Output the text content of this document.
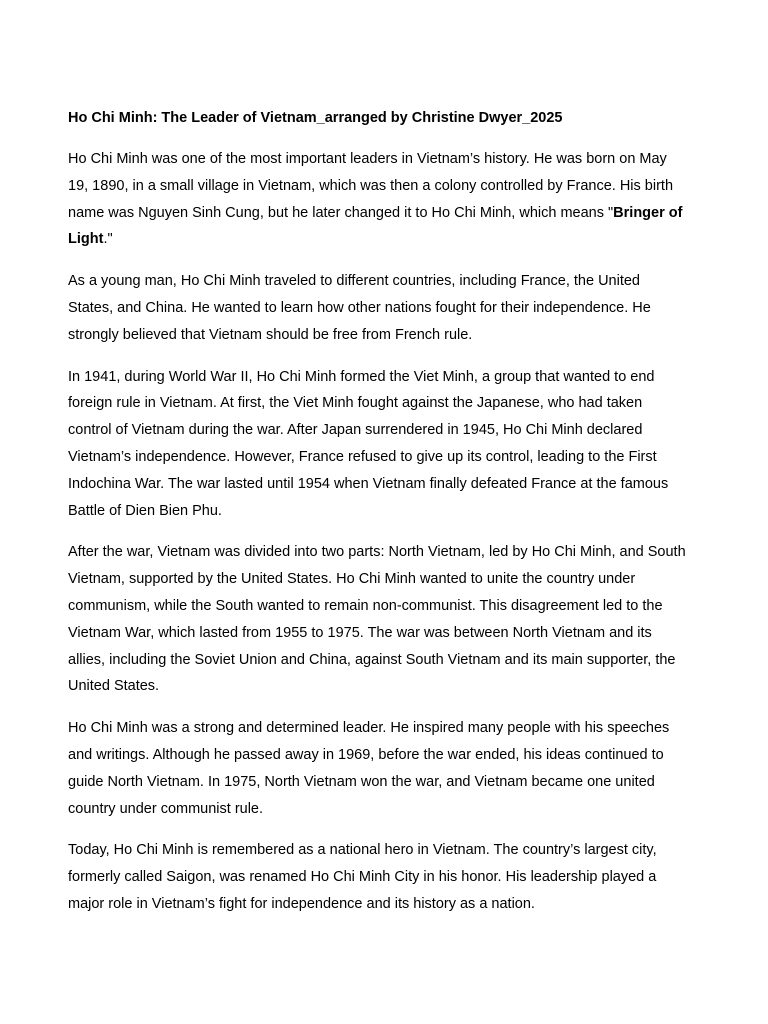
Ho Chi Minh: The Leader of Vietnam_arranged by Christine Dwyer_2025

Ho Chi Minh was one of the most important leaders in Vietnam’s history. He was born on May 19, 1890, in a small village in Vietnam, which was then a colony controlled by France. His birth name was Nguyen Sinh Cung, but he later changed it to Ho Chi Minh, which means "Bringer of Light."

As a young man, Ho Chi Minh traveled to different countries, including France, the United States, and China. He wanted to learn how other nations fought for their independence. He strongly believed that Vietnam should be free from French rule.

In 1941, during World War II, Ho Chi Minh formed the Viet Minh, a group that wanted to end foreign rule in Vietnam. At first, the Viet Minh fought against the Japanese, who had taken control of Vietnam during the war. After Japan surrendered in 1945, Ho Chi Minh declared Vietnam’s independence. However, France refused to give up its control, leading to the First Indochina War. The war lasted until 1954 when Vietnam finally defeated France at the famous Battle of Dien Bien Phu.

After the war, Vietnam was divided into two parts: North Vietnam, led by Ho Chi Minh, and South Vietnam, supported by the United States. Ho Chi Minh wanted to unite the country under communism, while the South wanted to remain non-communist. This disagreement led to the Vietnam War, which lasted from 1955 to 1975. The war was between North Vietnam and its allies, including the Soviet Union and China, against South Vietnam and its main supporter, the United States.

Ho Chi Minh was a strong and determined leader. He inspired many people with his speeches and writings. Although he passed away in 1969, before the war ended, his ideas continued to guide North Vietnam. In 1975, North Vietnam won the war, and Vietnam became one united country under communist rule.

Today, Ho Chi Minh is remembered as a national hero in Vietnam. The country’s largest city, formerly called Saigon, was renamed Ho Chi Minh City in his honor. His leadership played a major role in Vietnam’s fight for independence and its history as a nation.
